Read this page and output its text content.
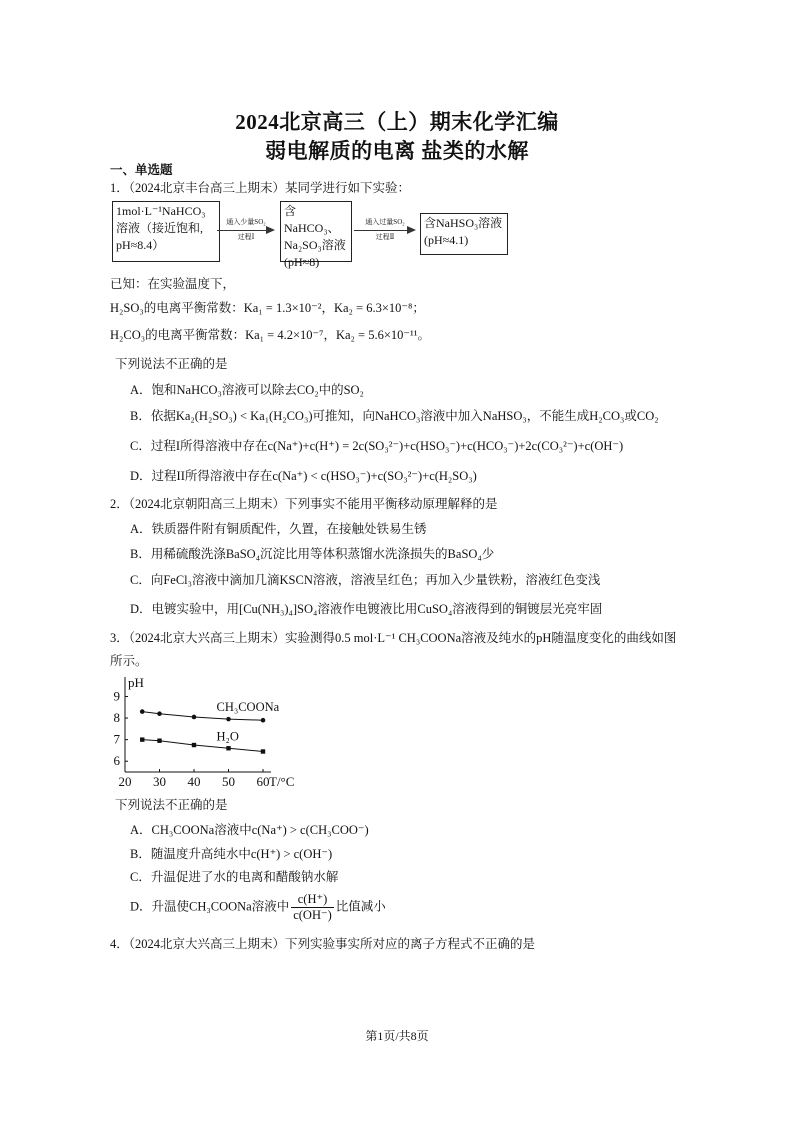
2024北京高三（上）期末化学汇编
弱电解质的电离 盐类的水解
一、单选题
1．（2024北京丰台高三上期末）某同学进行如下实验：
1mol·L⁻¹NaHCO₃
溶液（接近饱和,
pH≈8.4）
通入少量SO₂
过程Ⅰ
含NaHCO₃、
Na₂SO₃溶液
(pH≈8)
通入过量SO₂
过程Ⅱ
含NaHSO₃溶液
(pH≈4.1)
已知：在实验温度下，
H₂SO₃的电离平衡常数：Ka₁ = 1.3×10⁻²，Ka₂ = 6.3×10⁻⁸；
H₂CO₃的电离平衡常数：Ka₁ = 4.2×10⁻⁷，Ka₂ = 5.6×10⁻¹¹。
下列说法不正确的是
A．饱和NaHCO₃溶液可以除去CO₂中的SO₂
B．依据Ka₂(H₂SO₃) < Ka₁(H₂CO₃)可推知，向NaHCO₃溶液中加入NaHSO₃，不能生成H₂CO₃或CO₂
C．过程I所得溶液中存在c(Na⁺)+c(H⁺) = 2c(SO₃²⁻)+c(HSO₃⁻)+c(HCO₃⁻)+2c(CO₃²⁻)+c(OH⁻)
D．过程II所得溶液中存在c(Na⁺) < c(HSO₃⁻)+c(SO₃²⁻)+c(H₂SO₃)
2．（2024北京朝阳高三上期末）下列事实不能用平衡移动原理解释的是
A．铁质器件附有铜质配件，久置，在接触处铁易生锈
B．用稀硫酸洗涤BaSO₄沉淀比用等体积蒸馏水洗涤损失的BaSO₄少
C．向FeCl₃溶液中滴加几滴KSCN溶液，溶液呈红色；再加入少量铁粉，溶液红色变浅
D．电镀实验中，用[Cu(NH₃)₄]SO₄溶液作电镀液比用CuSO₄溶液得到的铜镀层光亮牢固
3．（2024北京大兴高三上期末）实验测得0.5 mol·L⁻¹ CH₃COONa溶液及纯水的pH随温度变化的曲线如图
所示。
6
7
8
9
20 30 40 50 60
pH
T/°C
CH₃COONa
H₂O
下列说法不正确的是
A．CH₃COONa溶液中c(Na⁺) > c(CH₃COO⁻)
B．随温度升高纯水中c(H⁺) > c(OH⁻)
C．升温促进了水的电离和醋酸钠水解
D．升温使CH₃COONa溶液中 $\frac{c(H^+)}{c(OH^-)}$ 比值减小
4．（2024北京大兴高三上期末）下列实验事实所对应的离子方程式不正确的是
第1页/共8页
